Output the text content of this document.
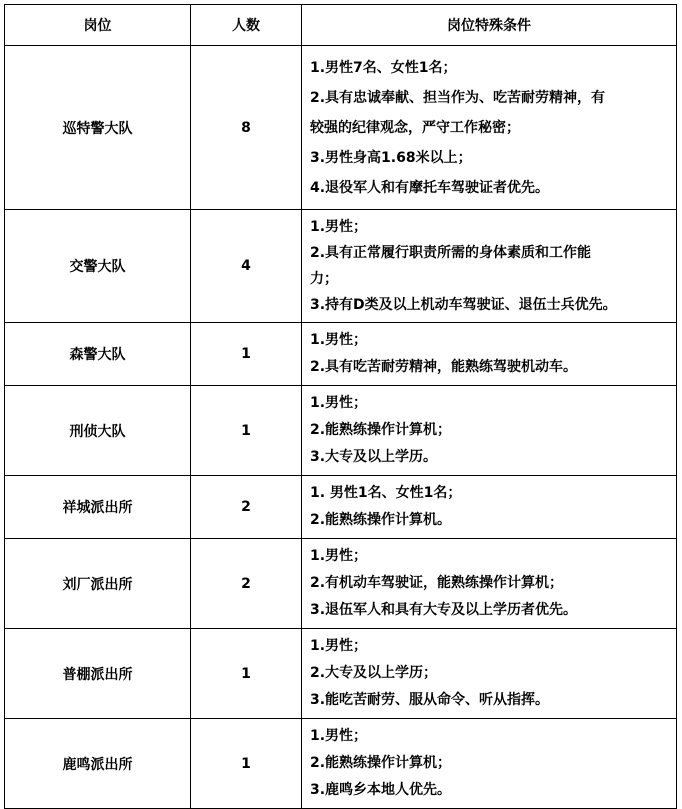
岗位	人数	岗位特殊条件
巡特警大队	8	1.男性7名、女性1名；
2.具有忠诚奉献、担当作为、吃苦耐劳精神，有
较强的纪律观念，严守工作秘密；
3.男性身高1.68米以上；
4.退役军人和有摩托车驾驶证者优先。

交警大队	4	1.男性；
2.具有正常履行职责所需的身体素质和工作能
力；
3.持有D类及以上机动车驾驶证、退伍士兵优先。

森警大队	1	1.男性；
2.具有吃苦耐劳精神，能熟练驾驶机动车。

刑侦大队	1	1.男性；
2.能熟练操作计算机；
3.大专及以上学历。

祥城派出所	2	1. 男性1名、女性1名；
2.能熟练操作计算机。

刘厂派出所	2	1.男性；
2.有机动车驾驶证，能熟练操作计算机；
3.退伍军人和具有大专及以上学历者优先。

普棚派出所	1	1.男性；
2.大专及以上学历；
3.能吃苦耐劳、服从命令、听从指挥。

鹿鸣派出所	1	1.男性；
2.能熟练操作计算机；
3.鹿鸣乡本地人优先。
